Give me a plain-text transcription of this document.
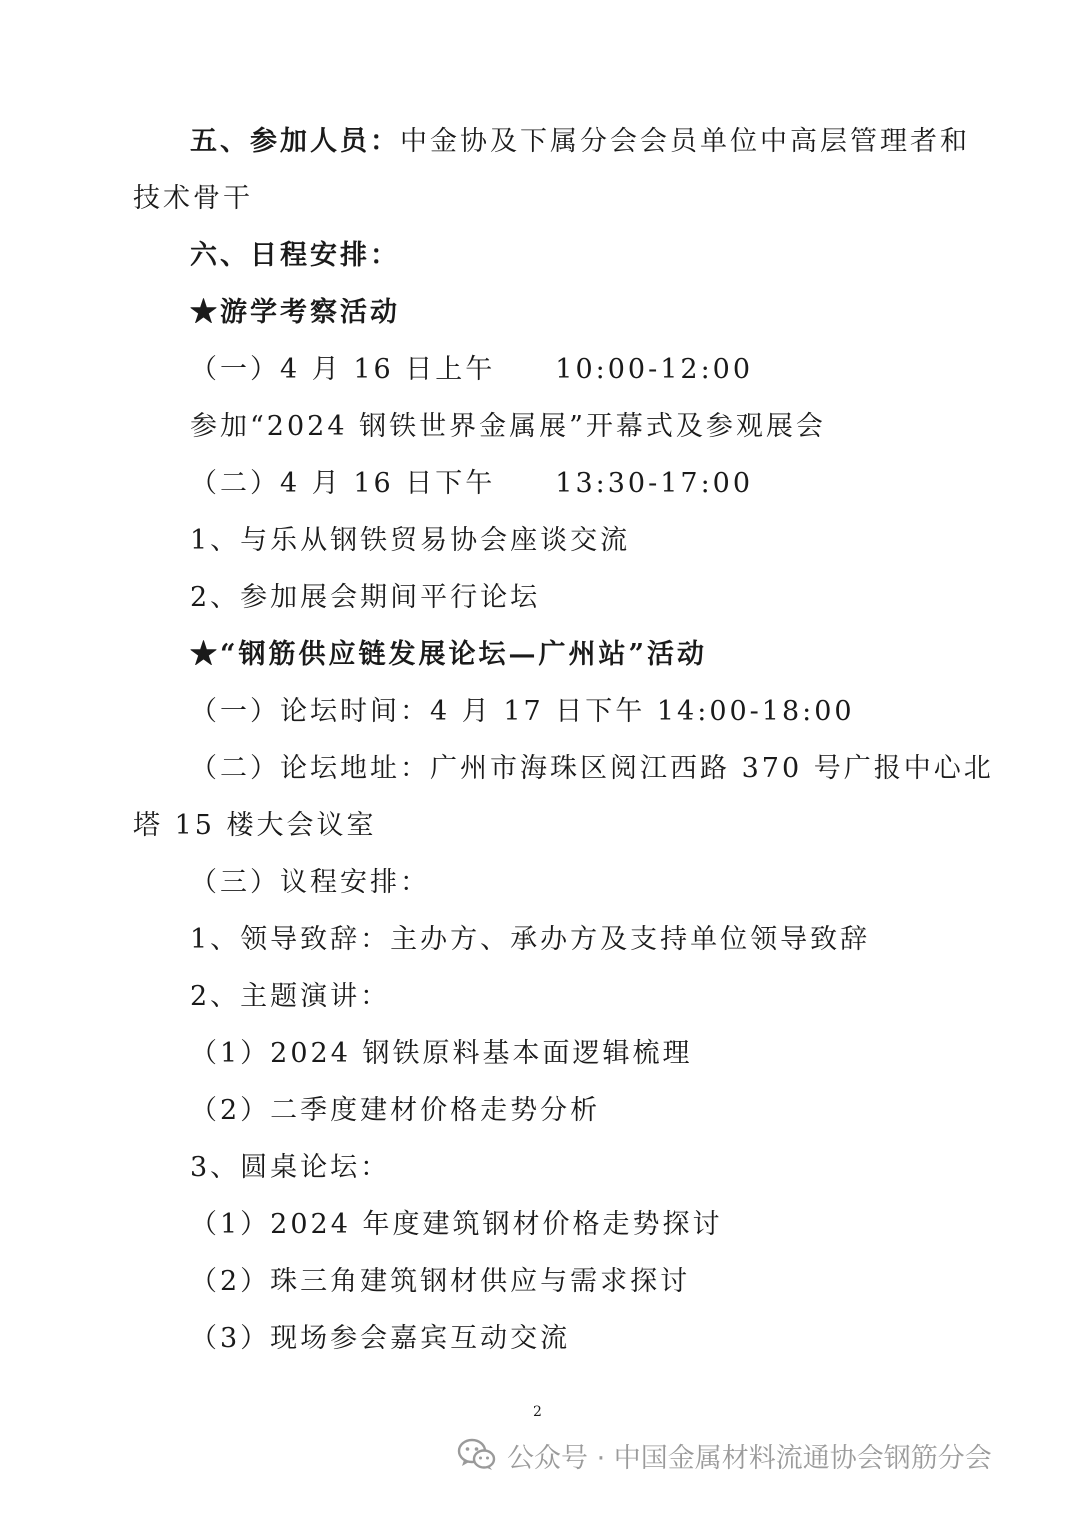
五、参加人员：中金协及下属分会会员单位中高层管理者和
技术骨干
六、日程安排：
★游学考察活动
（一）4 月 16 日上午 10:00-12:00
参加“2024 钢铁世界金属展”开幕式及参观展会
（二）4 月 16 日下午 13:30-17:00
1、与乐从钢铁贸易协会座谈交流
2、参加展会期间平行论坛
★“钢筋供应链发展论坛—广州站”活动
（一）论坛时间：4 月 17 日下午 14:00-18:00
（二）论坛地址：广州市海珠区阅江西路 370 号广报中心北
塔 15 楼大会议室
（三）议程安排：
1、领导致辞：主办方、承办方及支持单位领导致辞
2、主题演讲：
（1）2024 钢铁原料基本面逻辑梳理
（2）二季度建材价格走势分析
3、圆桌论坛：
（1）2024 年度建筑钢材价格走势探讨
（2）珠三角建筑钢材供应与需求探讨
（3）现场参会嘉宾互动交流
2
公众号 · 中国金属材料流通协会钢筋分会
